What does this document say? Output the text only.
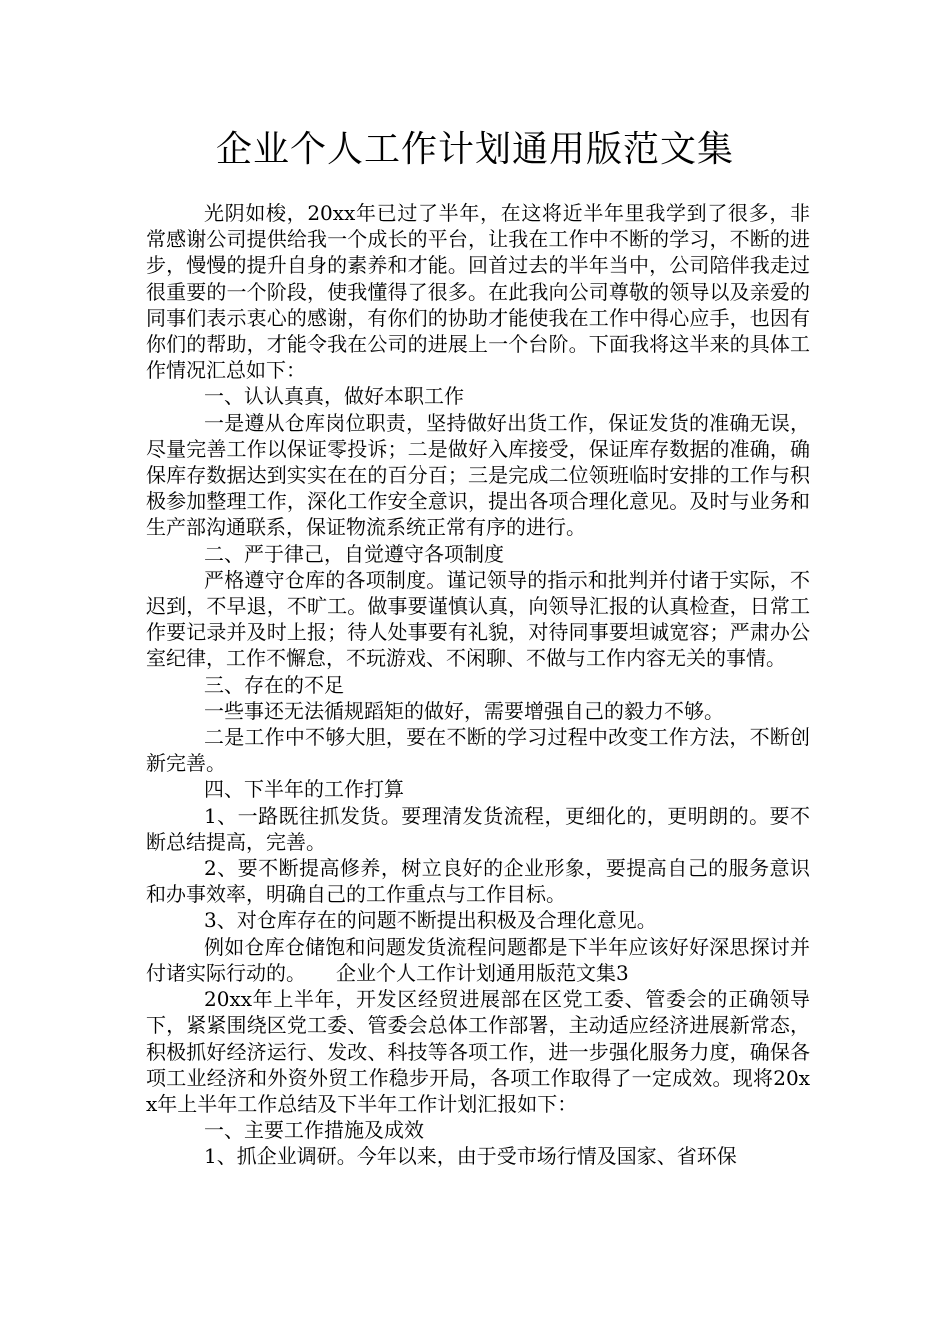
企业个人工作计划通用版范文集

光阴如梭，20xx年已过了半年，在这将近半年里我学到了很多，非常感谢公司提供给我一个成长的平台，让我在工作中不断的学习，不断的进步，慢慢的提升自身的素养和才能。回首过去的半年当中，公司陪伴我走过很重要的一个阶段，使我懂得了很多。在此我向公司尊敬的领导以及亲爱的同事们表示衷心的感谢，有你们的协助才能使我在工作中得心应手，也因有你们的帮助，才能令我在公司的进展上一个台阶。下面我将这半来的具体工作情况汇总如下：

一、认认真真，做好本职工作

一是遵从仓库岗位职责，坚持做好出货工作，保证发货的准确无误，尽量完善工作以保证零投诉；二是做好入库接受，保证库存数据的准确，确保库存数据达到实实在在的百分百；三是完成二位领班临时安排的工作与积极参加整理工作，深化工作安全意识，提出各项合理化意见。及时与业务和生产部沟通联系，保证物流系统正常有序的进行。

二、严于律己，自觉遵守各项制度

严格遵守仓库的各项制度。谨记领导的指示和批判并付诸于实际，不迟到，不早退，不旷工。做事要谨慎认真，向领导汇报的认真检查，日常工作要记录并及时上报；待人处事要有礼貌，对待同事要坦诚宽容；严肃办公室纪律，工作不懈怠，不玩游戏、不闲聊、不做与工作内容无关的事情。

三、存在的不足

一些事还无法循规蹈矩的做好，需要增强自己的毅力不够。

二是工作中不够大胆，要在不断的学习过程中改变工作方法，不断创新完善。

四、下半年的工作打算

1、一路既往抓发货。要理清发货流程，更细化的，更明朗的。要不断总结提高，完善。

2、要不断提高修养，树立良好的企业形象，要提高自己的服务意识和办事效率，明确自己的工作重点与工作目标。

3、对仓库存在的问题不断提出积极及合理化意见。

例如仓库仓储饱和问题发货流程问题都是下半年应该好好深思探讨并付诸实际行动的。　　企业个人工作计划通用版范文集3

20xx年上半年，开发区经贸进展部在区党工委、管委会的正确领导下，紧紧围绕区党工委、管委会总体工作部署，主动适应经济进展新常态，积极抓好经济运行、发改、科技等各项工作，进一步强化服务力度，确保各项工业经济和外资外贸工作稳步开局，各项工作取得了一定成效。现将20xx年上半年工作总结及下半年工作计划汇报如下：

一、主要工作措施及成效

1、抓企业调研。今年以来，由于受市场行情及国家、省环保
